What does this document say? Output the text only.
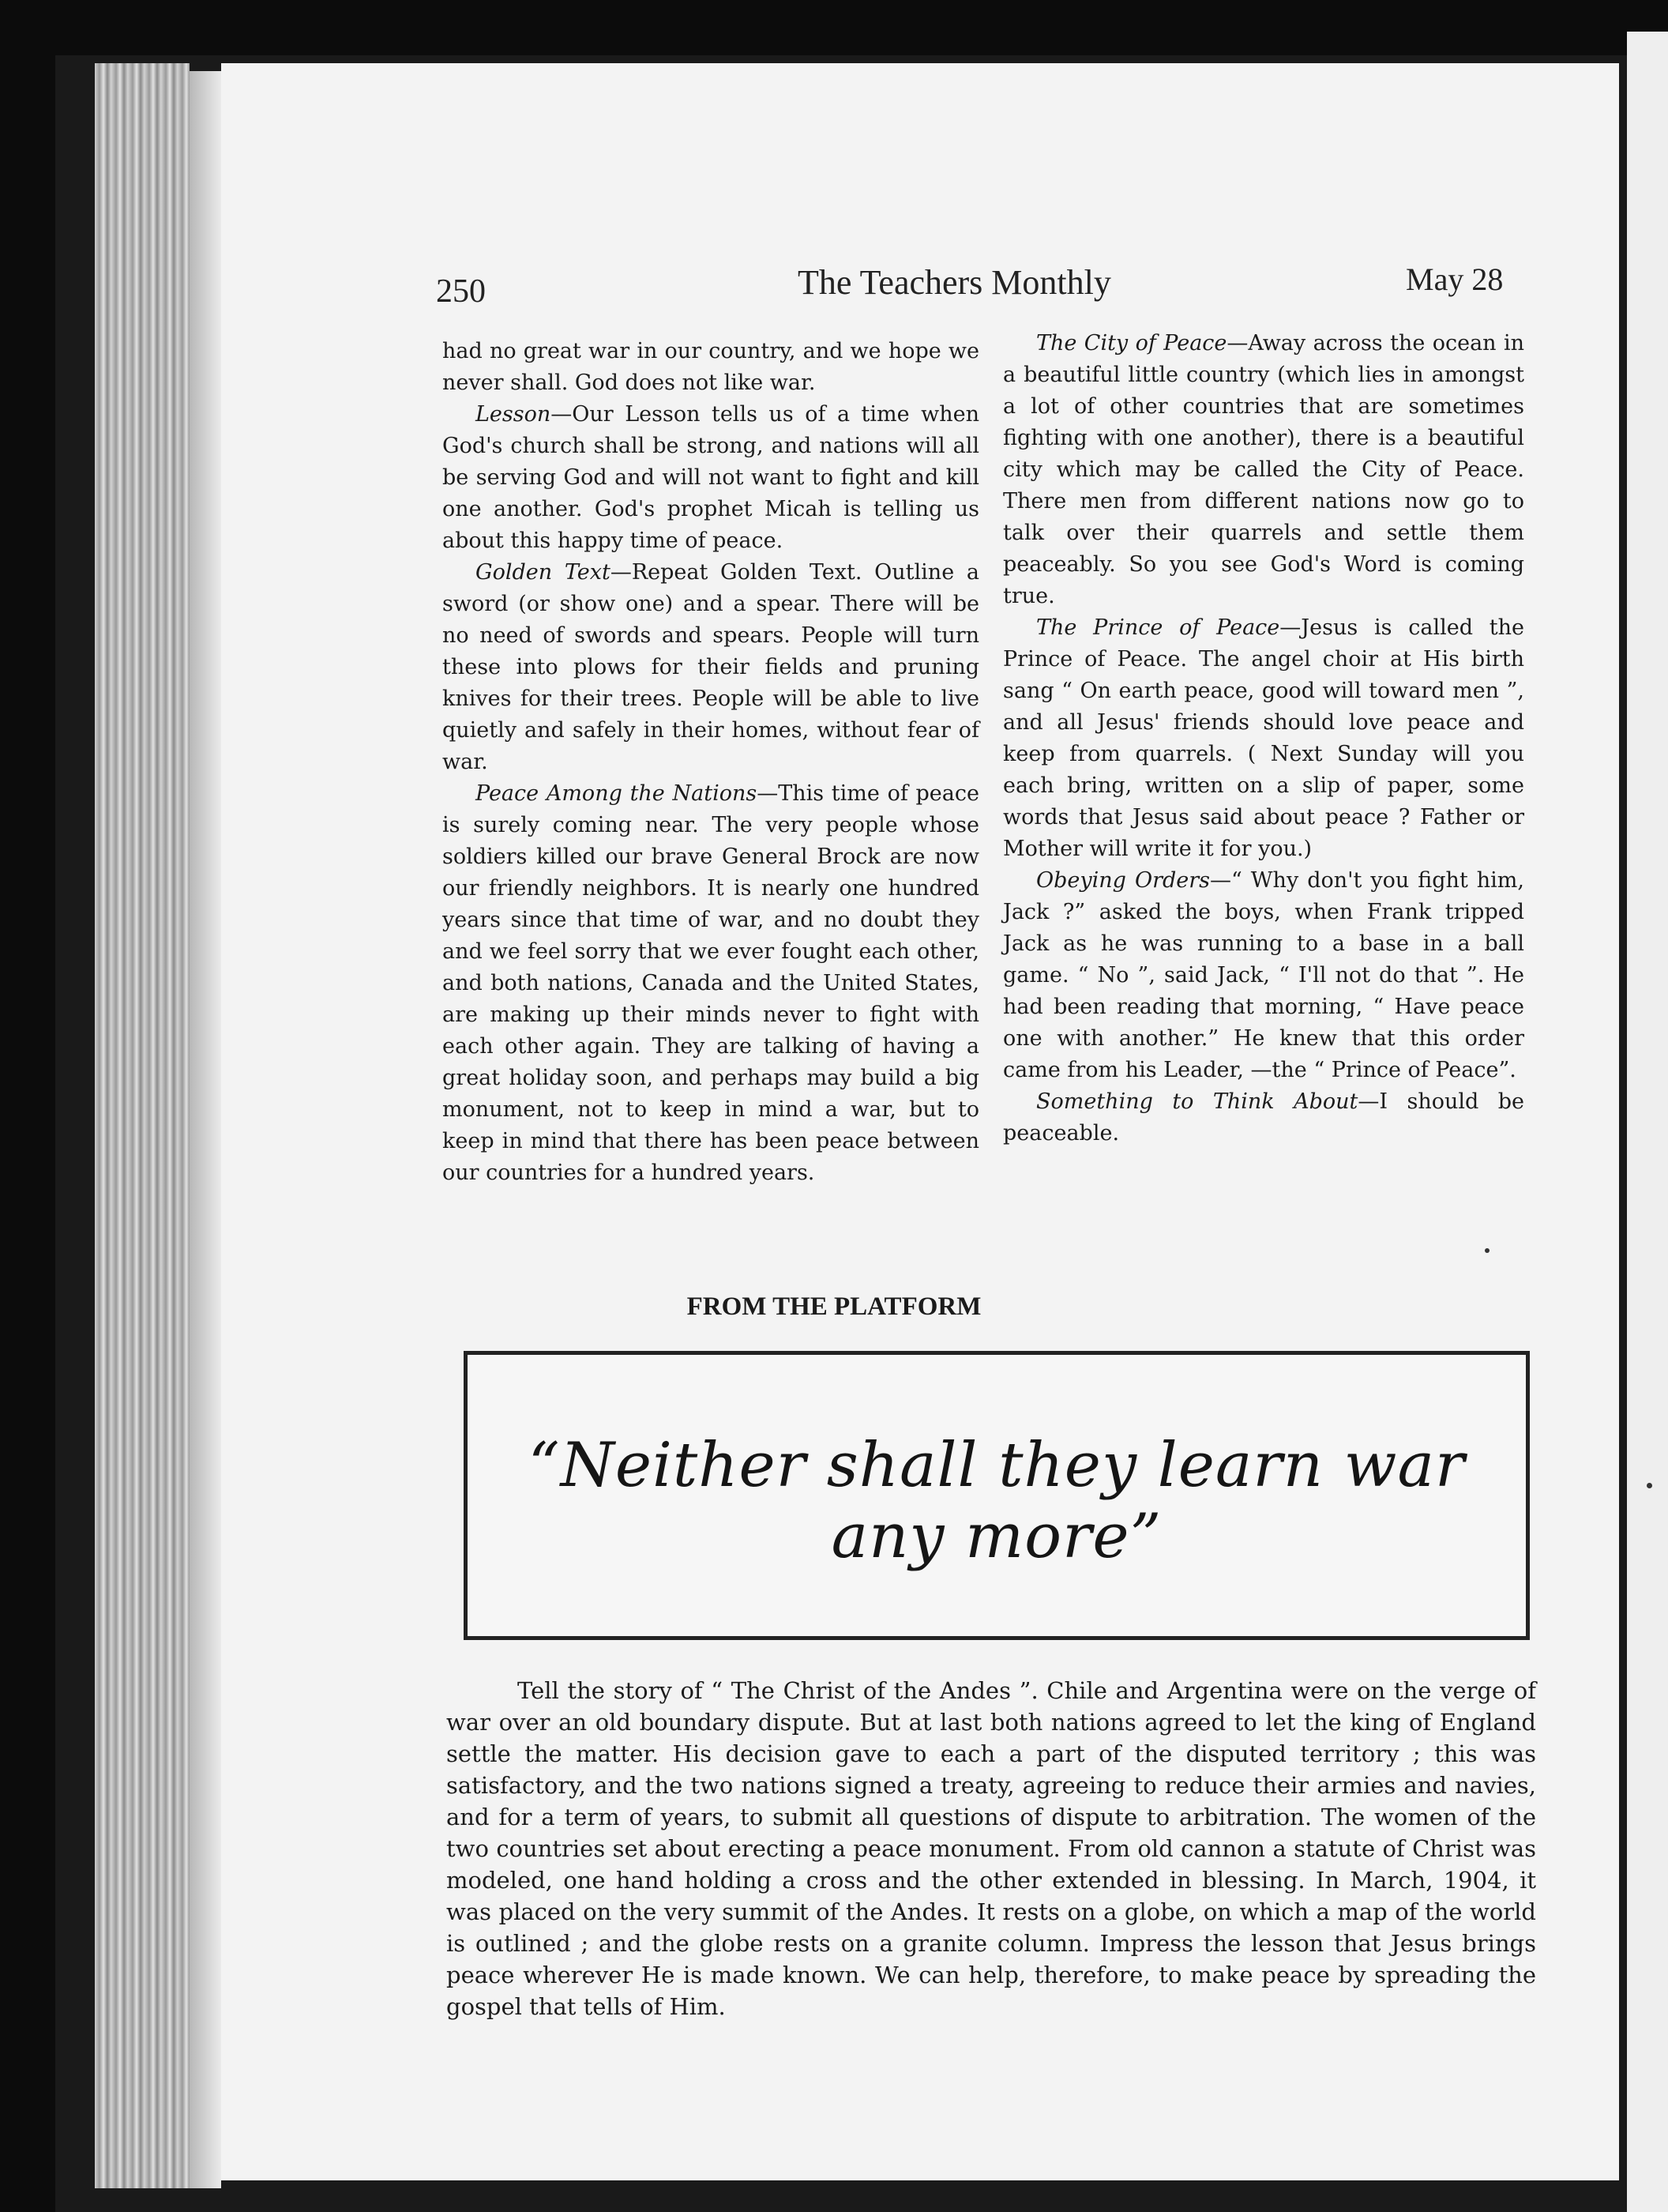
250	The Teachers Monthly	May 28

had no great war in our country, and we hope we never shall. God does not like war.

Lesson—Our Lesson tells us of a time when God's church shall be strong, and nations will all be serving God and will not want to fight and kill one another. God's prophet Micah is telling us about this happy time of peace.

Golden Text—Repeat Golden Text. Outline a sword (or show one) and a spear. There will be no need of swords and spears. People will turn these into plows for their fields and pruning knives for their trees. People will be able to live quietly and safely in their homes, without fear of war.

Peace Among the Nations—This time of peace is surely coming near. The very people whose soldiers killed our brave General Brock are now our friendly neighbors. It is nearly one hundred years since that time of war, and no doubt they and we feel sorry that we ever fought each other, and both nations, Canada and the United States, are making up their minds never to fight with each other again. They are talking of having a great holiday soon, and perhaps may build a big monument, not to keep in mind a war, but to keep in mind that there has been peace between our countries for a hundred years.

The City of Peace—Away across the ocean in a beautiful little country (which lies in amongst a lot of other countries that are sometimes fighting with one another), there is a beautiful city which may be called the City of Peace. There men from different nations now go to talk over their quarrels and settle them peaceably. So you see God's Word is coming true.

The Prince of Peace—Jesus is called the Prince of Peace. The angel choir at His birth sang “ On earth peace, good will toward men ”, and all Jesus' friends should love peace and keep from quarrels. ( Next Sunday will you each bring, written on a slip of paper, some words that Jesus said about peace ? Father or Mother will write it for you.)

Obeying Orders—“ Why don't you fight him, Jack ?” asked the boys, when Frank tripped Jack as he was running to a base in a ball game. “ No ”, said Jack, “ I'll not do that ”. He had been reading that morning, “ Have peace one with another.” He knew that this order came from his Leader, —the “ Prince of Peace”.

Something to Think About—I should be peaceable.

FROM THE PLATFORM
“Neither shall they learn war any more”

Tell the story of “ The Christ of the Andes ”. Chile and Argentina were on the verge of war over an old boundary dispute. But at last both nations agreed to let the king of England settle the matter. His decision gave to each a part of the disputed territory ; this was satisfactory, and the two nations signed a treaty, agreeing to reduce their armies and navies, and for a term of years, to submit all questions of dispute to arbitration. The women of the two countries set about erecting a peace monument. From old cannon a statute of Christ was modeled, one hand holding a cross and the other extended in blessing. In March, 1904, it was placed on the very summit of the Andes. It rests on a globe, on which a map of the world is outlined ; and the globe rests on a granite column. Impress the lesson that Jesus brings peace wherever He is made known. We can help, therefore, to make peace by spreading the gospel that tells of Him.
